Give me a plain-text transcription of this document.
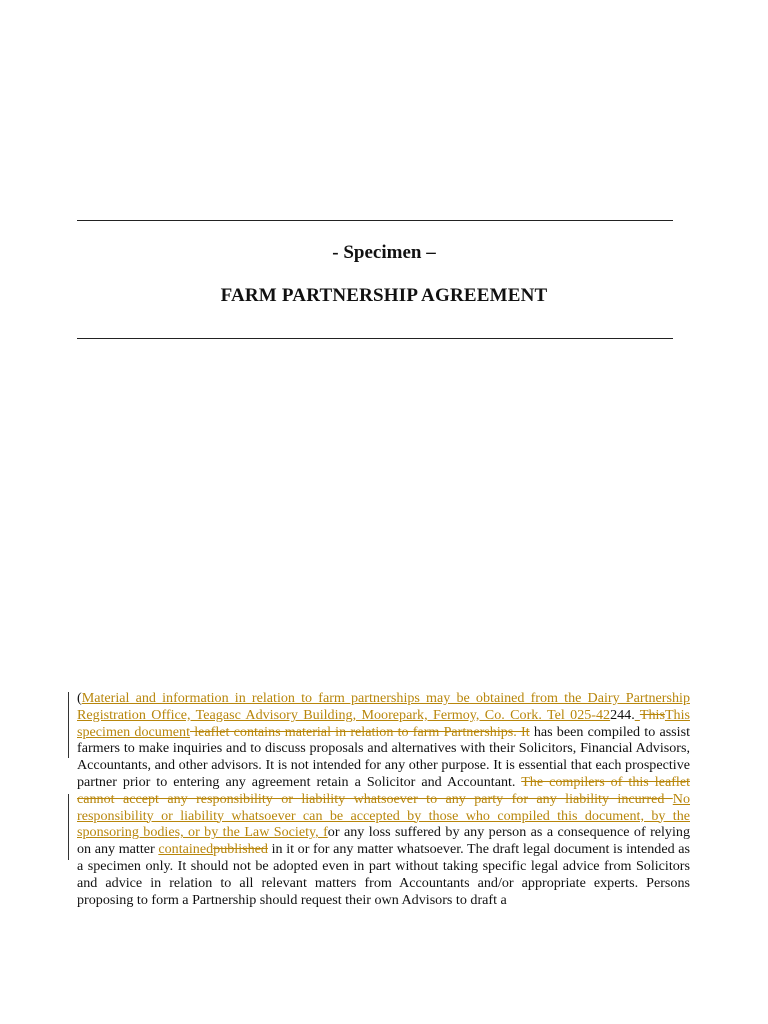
- Specimen –
FARM PARTNERSHIP AGREEMENT

(Material and information in relation to farm partnerships may be obtained from the Dairy Partnership Registration Office, Teagasc Advisory Building, Moorepark, Fermoy, Co. Cork. Tel 025-42244. ThisThis specimen document leaflet contains material in relation to farm Partnerships. It has been compiled to assist farmers to make inquiries and to discuss proposals and alternatives with their Solicitors, Financial Advisors, Accountants, and other advisors. It is not intended for any other purpose. It is essential that each prospective partner prior to entering any agreement retain a Solicitor and Accountant. The compilers of this leaflet cannot accept any responsibility or liability whatsoever to any party for any liability incurred No responsibility or liability whatsoever can be accepted by those who compiled this document, by the sponsoring bodies, or by the Law Society, for any loss suffered by any person as a consequence of relying on any matter containedpublished in it or for any matter whatsoever. The draft legal document is intended as a specimen only. It should not be adopted even in part without taking specific legal advice from Solicitors and advice in relation to all relevant matters from Accountants and/or appropriate experts. Persons proposing to form a Partnership should request their own Advisors to draft a
